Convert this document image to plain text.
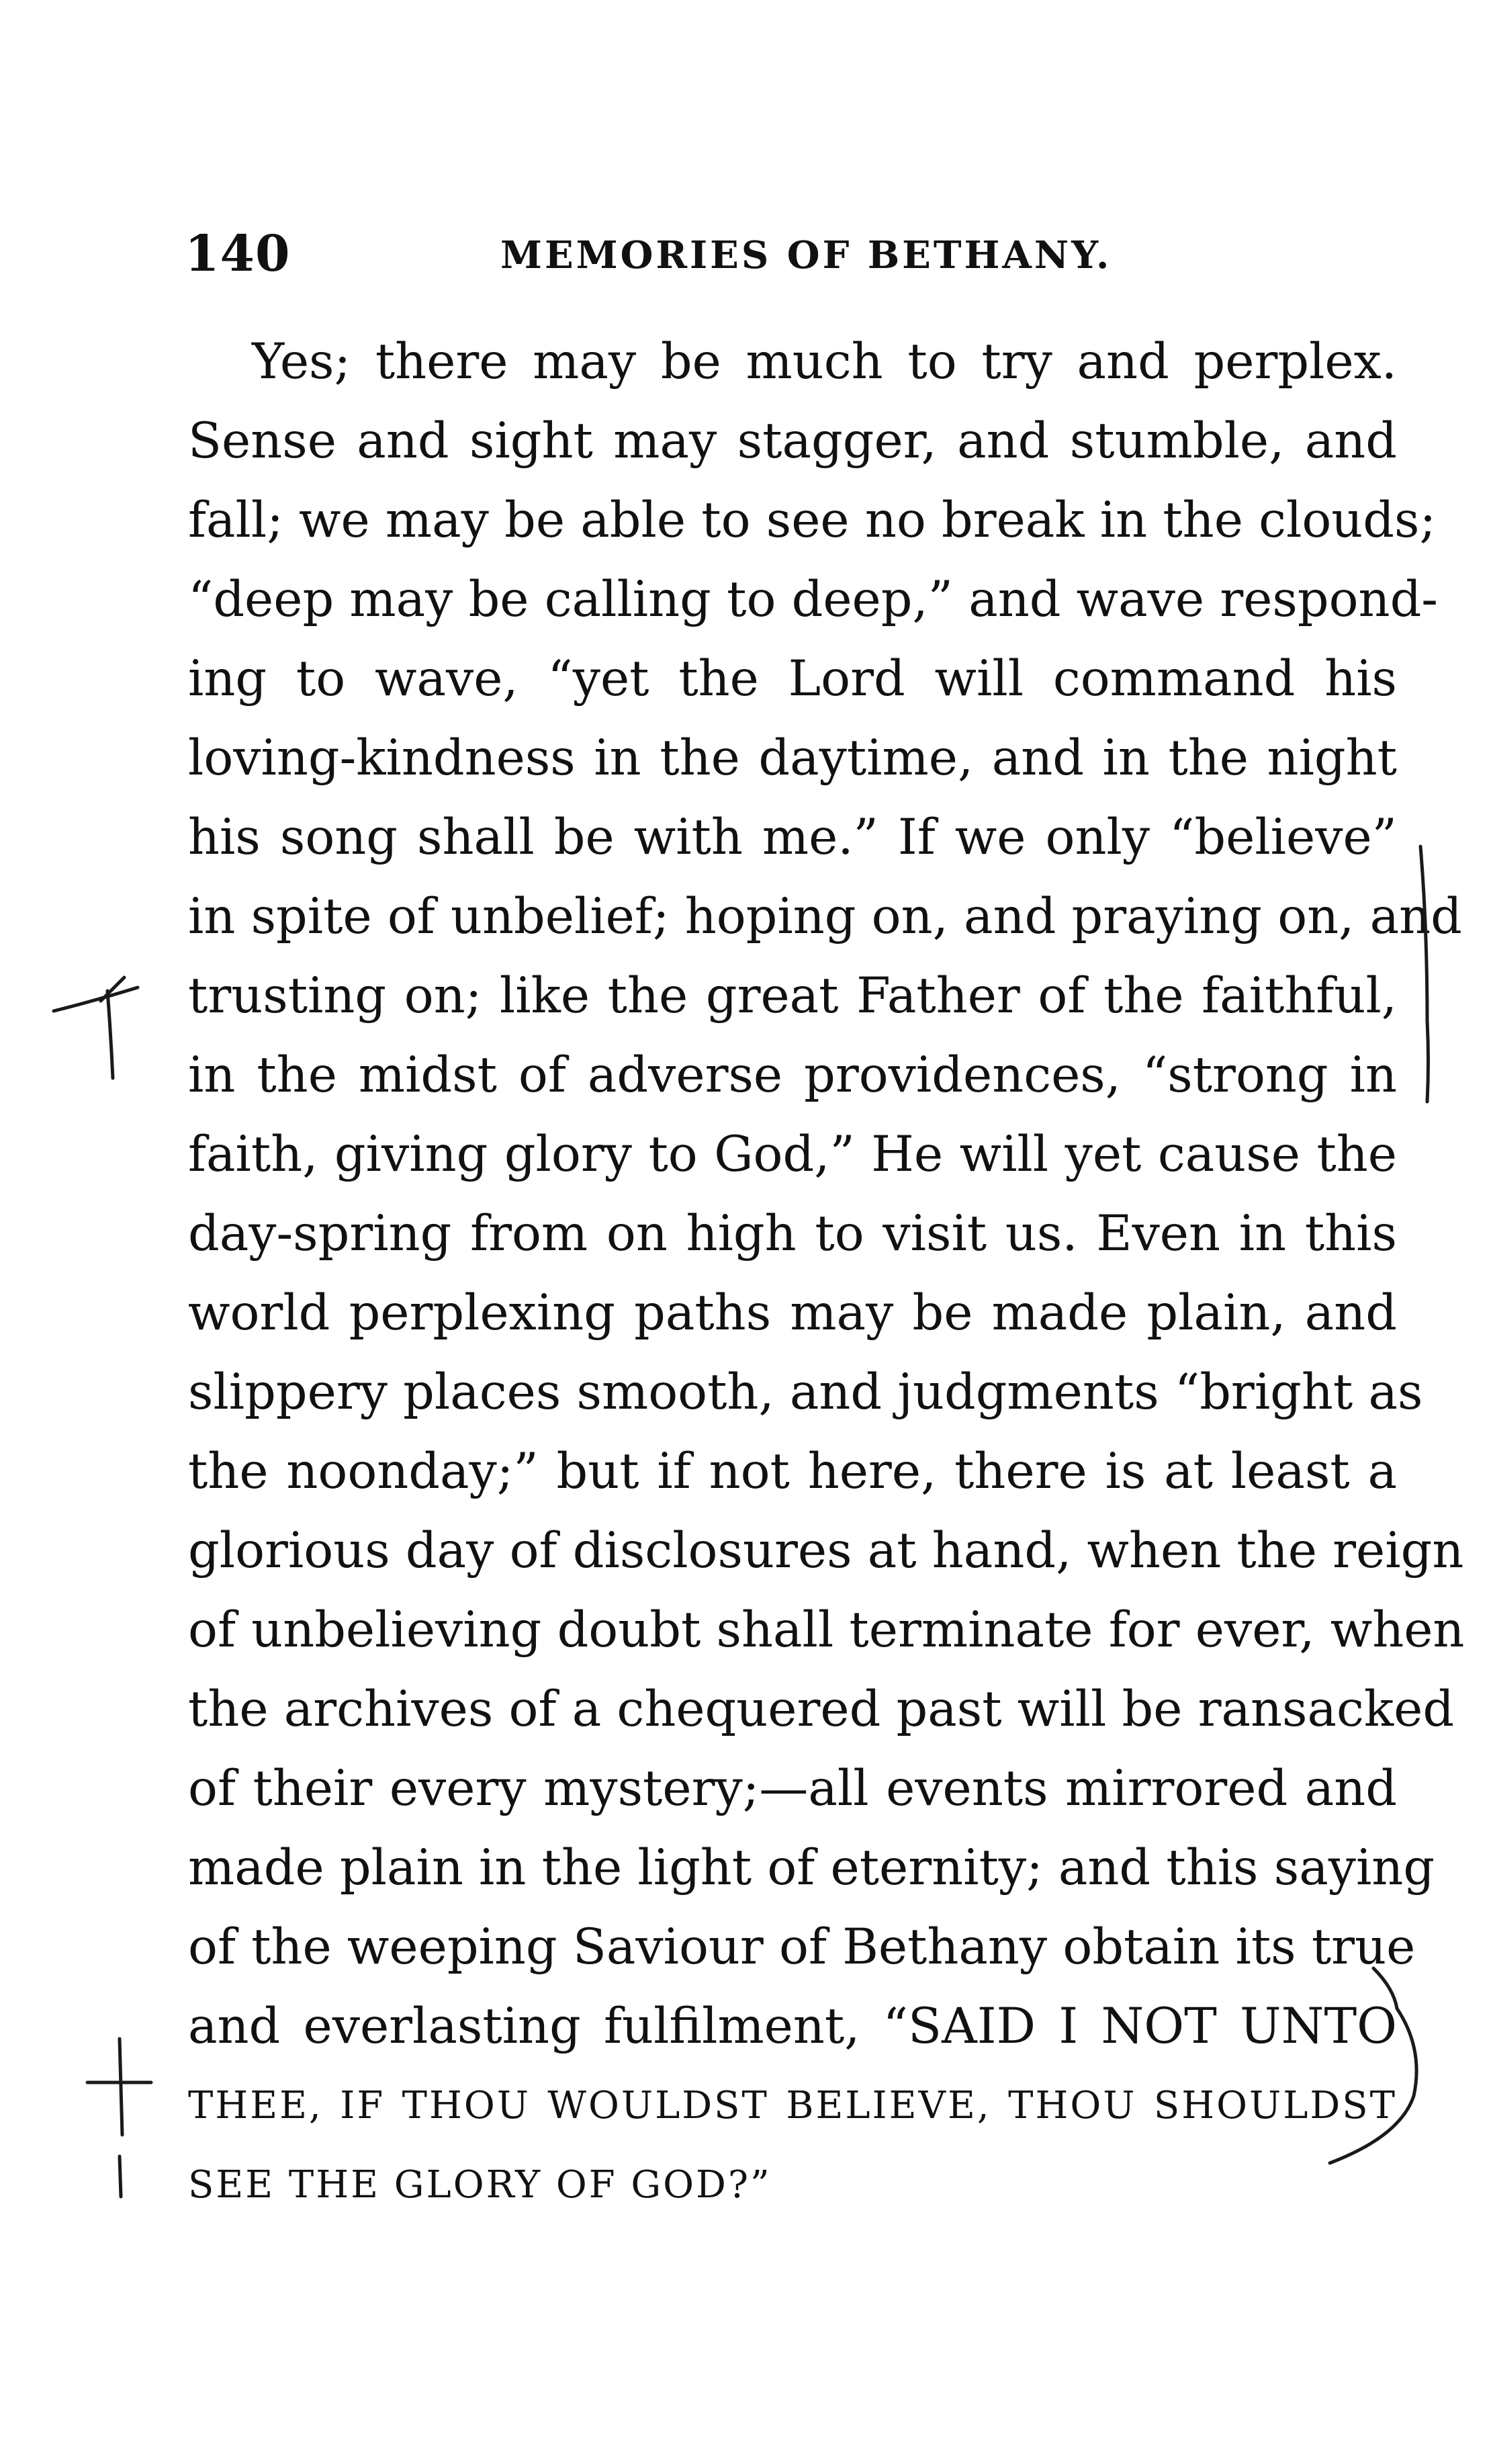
140	MEMORIES OF BETHANY.
Yes; there may be much to try and perplex.
Sense and sight may stagger, and stumble, and
fall; we may be able to see no break in the clouds;
“deep may be calling to deep,” and wave respond-
ing to wave, “yet the Lord will command his
loving-kindness in the daytime, and in the night
his song shall be with me.” If we only “believe”
in spite of unbelief; hoping on, and praying on, and
trusting on; like the great Father of the faithful,
in the midst of adverse providences, “strong in
faith, giving glory to God,” He will yet cause the
day-spring from on high to visit us. Even in this
world perplexing paths may be made plain, and
slippery places smooth, and judgments “bright as
the noonday;” but if not here, there is at least a
glorious day of disclosures at hand, when the reign
of unbelieving doubt shall terminate for ever, when
the archives of a chequered past will be ransacked
of their every mystery;—all events mirrored and
made plain in the light of eternity; and this saying
of the weeping Saviour of Bethany obtain its true
and everlasting fulfilment, “SAID I NOT UNTO
THEE, IF THOU WOULDST BELIEVE, THOU SHOULDST
SEE THE GLORY OF GOD?”
